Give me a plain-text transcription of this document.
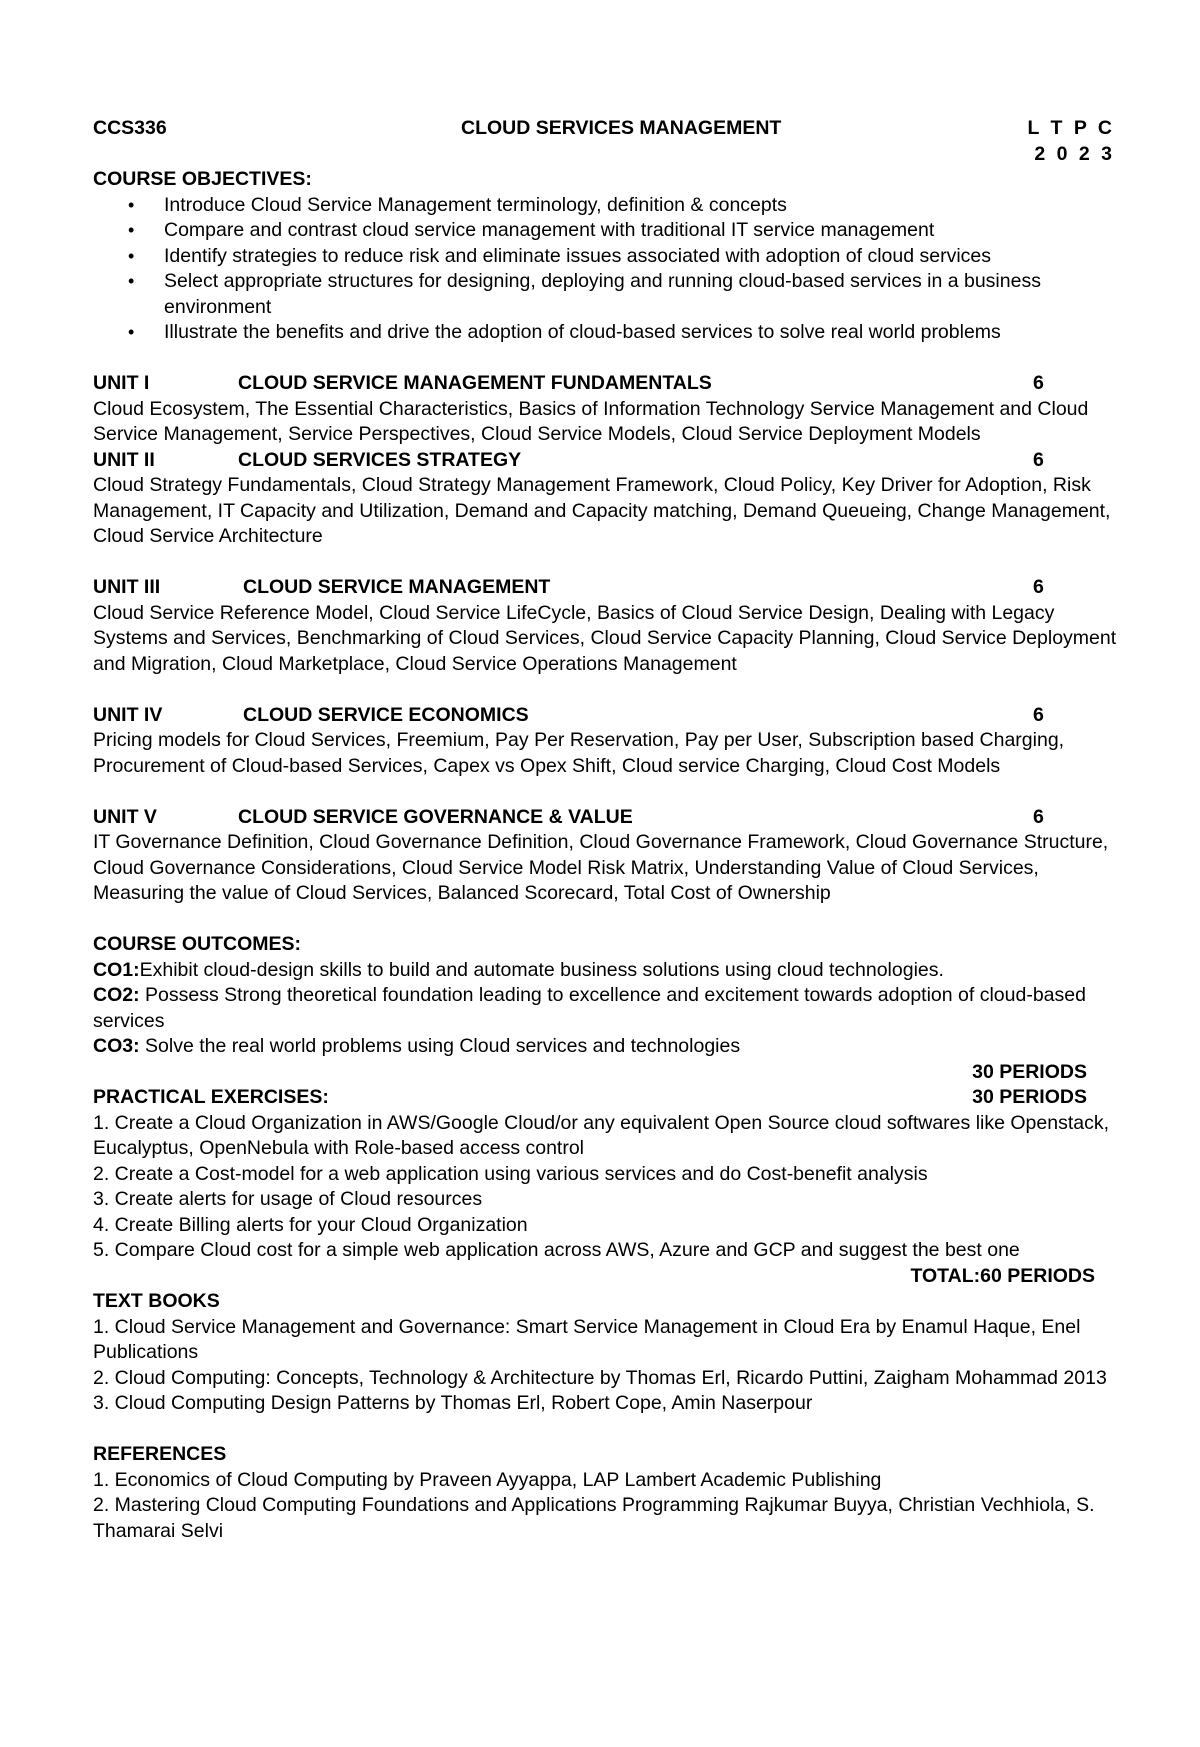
CCS336	CLOUD SERVICES MANAGEMENT	L T P C
2 0 2 3
COURSE OBJECTIVES:
• Introduce Cloud Service Management terminology, definition & concepts
• Compare and contrast cloud service management with traditional IT service management
• Identify strategies to reduce risk and eliminate issues associated with adoption of cloud services
• Select appropriate structures for designing, deploying and running cloud-based services in a business environment
• Illustrate the benefits and drive the adoption of cloud-based services to solve real world problems
UNIT I	CLOUD SERVICE MANAGEMENT FUNDAMENTALS	6
Cloud Ecosystem, The Essential Characteristics, Basics of Information Technology Service Management and Cloud Service Management, Service Perspectives, Cloud Service Models, Cloud Service Deployment Models
UNIT II	CLOUD SERVICES STRATEGY	6
Cloud Strategy Fundamentals, Cloud Strategy Management Framework, Cloud Policy, Key Driver for Adoption, Risk Management, IT Capacity and Utilization, Demand and Capacity matching, Demand Queueing, Change Management, Cloud Service Architecture
UNIT III	CLOUD SERVICE MANAGEMENT	6
Cloud Service Reference Model, Cloud Service LifeCycle, Basics of Cloud Service Design, Dealing with Legacy Systems and Services, Benchmarking of Cloud Services, Cloud Service Capacity Planning, Cloud Service Deployment and Migration, Cloud Marketplace, Cloud Service Operations Management
UNIT IV	CLOUD SERVICE ECONOMICS	6
Pricing models for Cloud Services, Freemium, Pay Per Reservation, Pay per User, Subscription based Charging, Procurement of Cloud-based Services, Capex vs Opex Shift, Cloud service Charging, Cloud Cost Models
UNIT V	CLOUD SERVICE GOVERNANCE & VALUE	6
IT Governance Definition, Cloud Governance Definition, Cloud Governance Framework, Cloud Governance Structure, Cloud Governance Considerations, Cloud Service Model Risk Matrix, Understanding Value of Cloud Services, Measuring the value of Cloud Services, Balanced Scorecard, Total Cost of Ownership
COURSE OUTCOMES:
CO1:Exhibit cloud-design skills to build and automate business solutions using cloud technologies.
CO2: Possess Strong theoretical foundation leading to excellence and excitement towards adoption of cloud-based services
CO3: Solve the real world problems using Cloud services and technologies
30 PERIODS
PRACTICAL EXERCISES:	30 PERIODS
1. Create a Cloud Organization in AWS/Google Cloud/or any equivalent Open Source cloud softwares like Openstack, Eucalyptus, OpenNebula with Role-based access control
2. Create a Cost-model for a web application using various services and do Cost-benefit analysis
3. Create alerts for usage of Cloud resources
4. Create Billing alerts for your Cloud Organization
5. Compare Cloud cost for a simple web application across AWS, Azure and GCP and suggest the best one
TOTAL:60 PERIODS
TEXT BOOKS
1. Cloud Service Management and Governance: Smart Service Management in Cloud Era by Enamul Haque, Enel Publications
2. Cloud Computing: Concepts, Technology & Architecture by Thomas Erl, Ricardo Puttini, Zaigham Mohammad 2013
3. Cloud Computing Design Patterns by Thomas Erl, Robert Cope, Amin Naserpour
REFERENCES
1. Economics of Cloud Computing by Praveen Ayyappa, LAP Lambert Academic Publishing
2. Mastering Cloud Computing Foundations and Applications Programming Rajkumar Buyya, Christian Vechhiola, S. Thamarai Selvi
